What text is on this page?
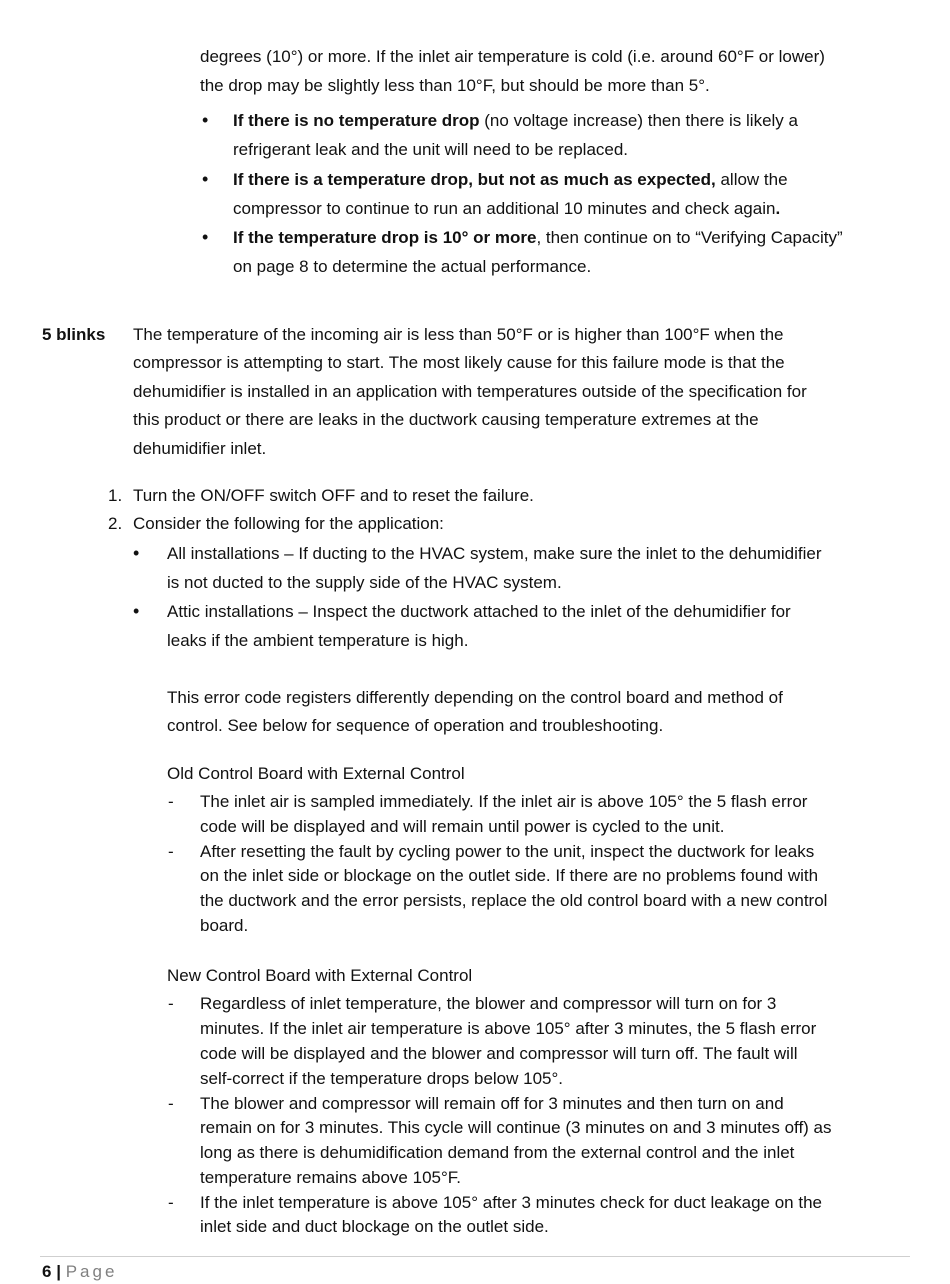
degrees (10°) or more. If the inlet air temperature is cold (i.e. around 60°F or lower)
the drop may be slightly less than 10°F, but should be more than 5°.
• If there is no temperature drop (no voltage increase) then there is likely a
refrigerant leak and the unit will need to be replaced.
• If there is a temperature drop, but not as much as expected, allow the
compressor to continue to run an additional 10 minutes and check again.
• If the temperature drop is 10° or more, then continue on to “Verifying Capacity”
on page 8 to determine the actual performance.
5 blinks The temperature of the incoming air is less than 50°F or is higher than 100°F when the
compressor is attempting to start. The most likely cause for this failure mode is that the
dehumidifier is installed in an application with temperatures outside of the specification for
this product or there are leaks in the ductwork causing temperature extremes at the
dehumidifier inlet.
1. Turn the ON/OFF switch OFF and to reset the failure.
2. Consider the following for the application:
• All installations – If ducting to the HVAC system, make sure the inlet to the dehumidifier
is not ducted to the supply side of the HVAC system.
• Attic installations – Inspect the ductwork attached to the inlet of the dehumidifier for
leaks if the ambient temperature is high.
This error code registers differently depending on the control board and method of
control. See below for sequence of operation and troubleshooting.
Old Control Board with External Control
- The inlet air is sampled immediately. If the inlet air is above 105° the 5 flash error
code will be displayed and will remain until power is cycled to the unit.
- After resetting the fault by cycling power to the unit, inspect the ductwork for leaks
on the inlet side or blockage on the outlet side. If there are no problems found with
the ductwork and the error persists, replace the old control board with a new control
board.
New Control Board with External Control
- Regardless of inlet temperature, the blower and compressor will turn on for 3
minutes. If the inlet air temperature is above 105° after 3 minutes, the 5 flash error
code will be displayed and the blower and compressor will turn off. The fault will
self-correct if the temperature drops below 105°.
- The blower and compressor will remain off for 3 minutes and then turn on and
remain on for 3 minutes. This cycle will continue (3 minutes on and 3 minutes off) as
long as there is dehumidification demand from the external control and the inlet
temperature remains above 105°F.
- If the inlet temperature is above 105° after 3 minutes check for duct leakage on the
inlet side and duct blockage on the outlet side.
6 | Page
